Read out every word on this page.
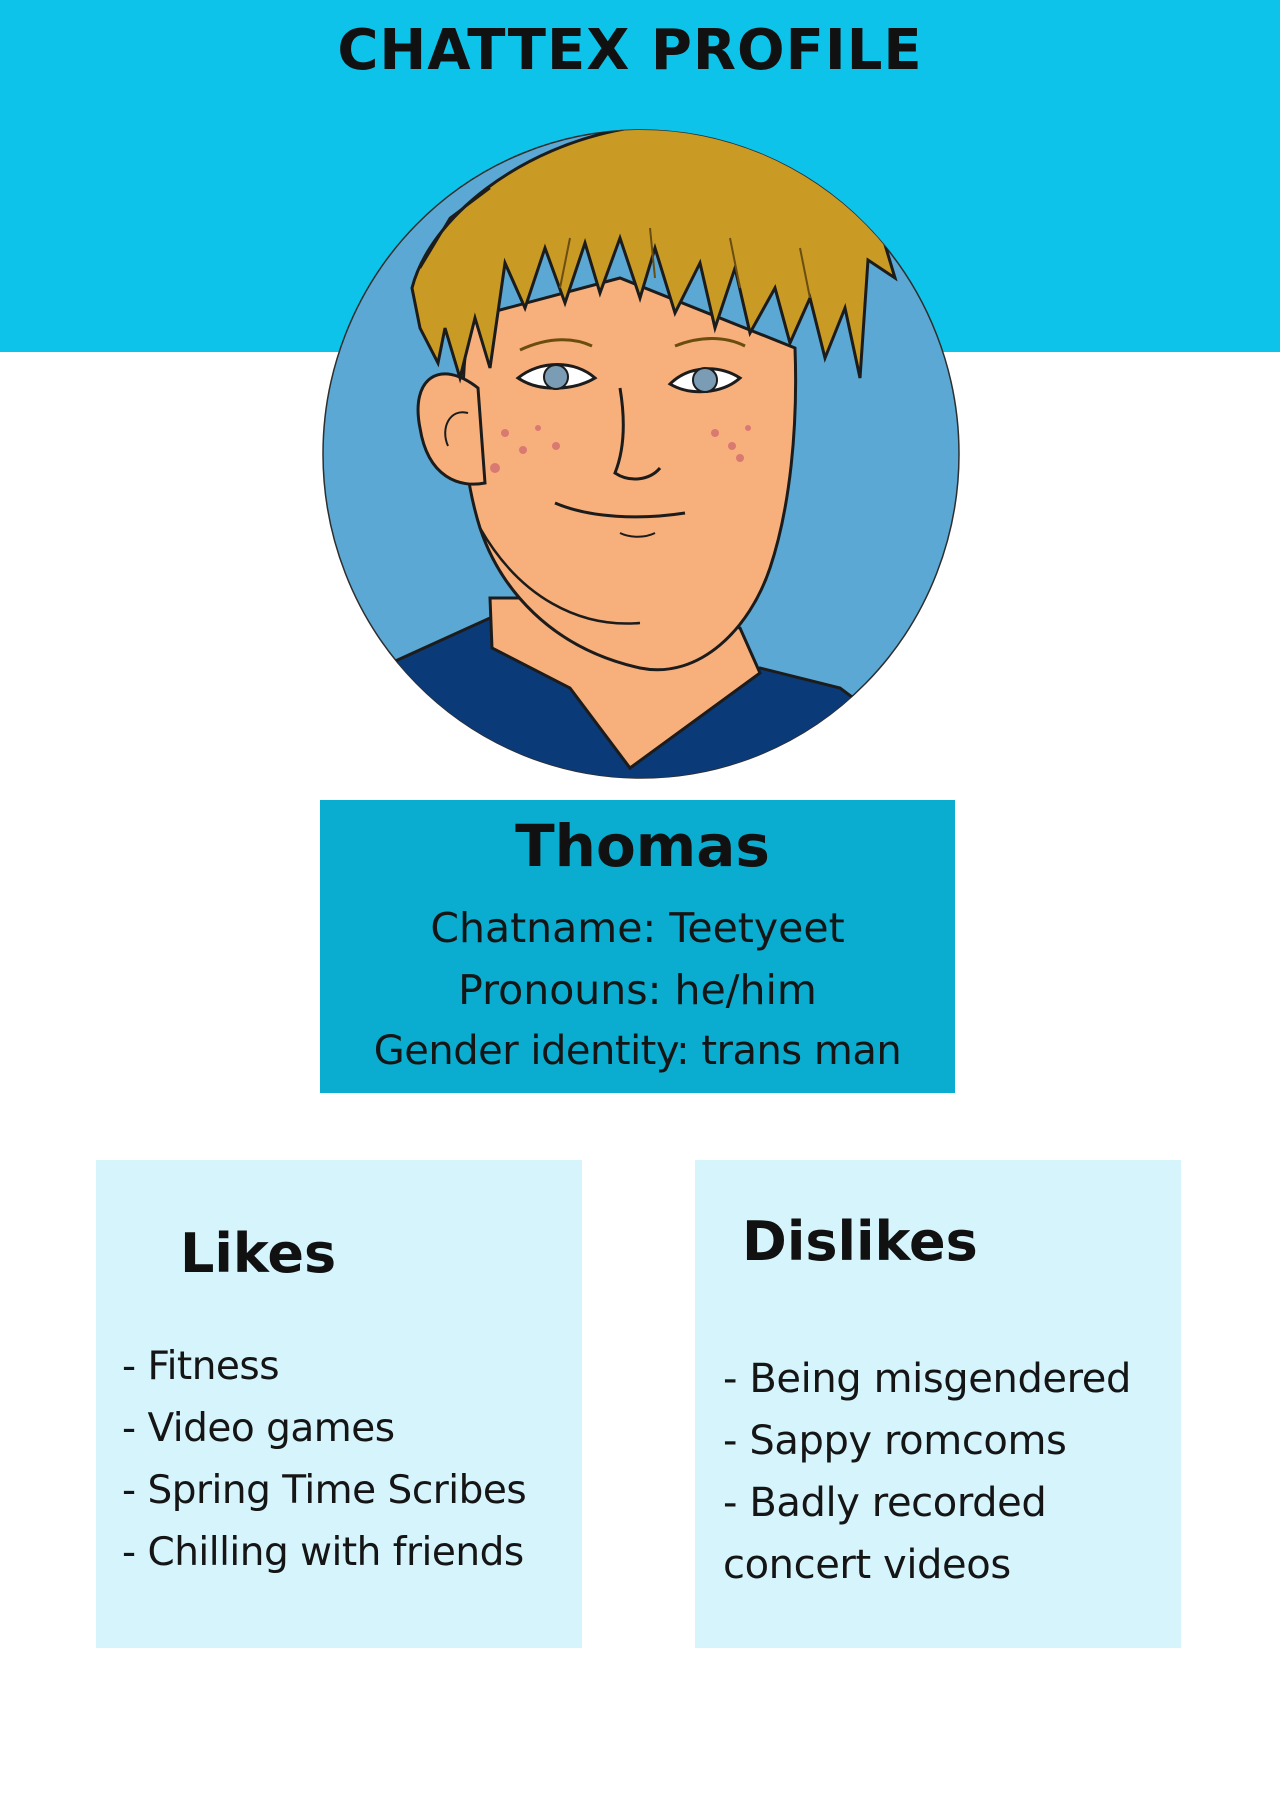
CHATTEX PROFILE
Thomas
Chatname: Teetyeet
Pronouns: he/him
Gender identity: trans man
Likes
- Fitness
- Video games
- Spring Time Scribes
- Chilling with friends
Dislikes
- Being misgendered
- Sappy romcoms
- Badly recorded
concert videos
